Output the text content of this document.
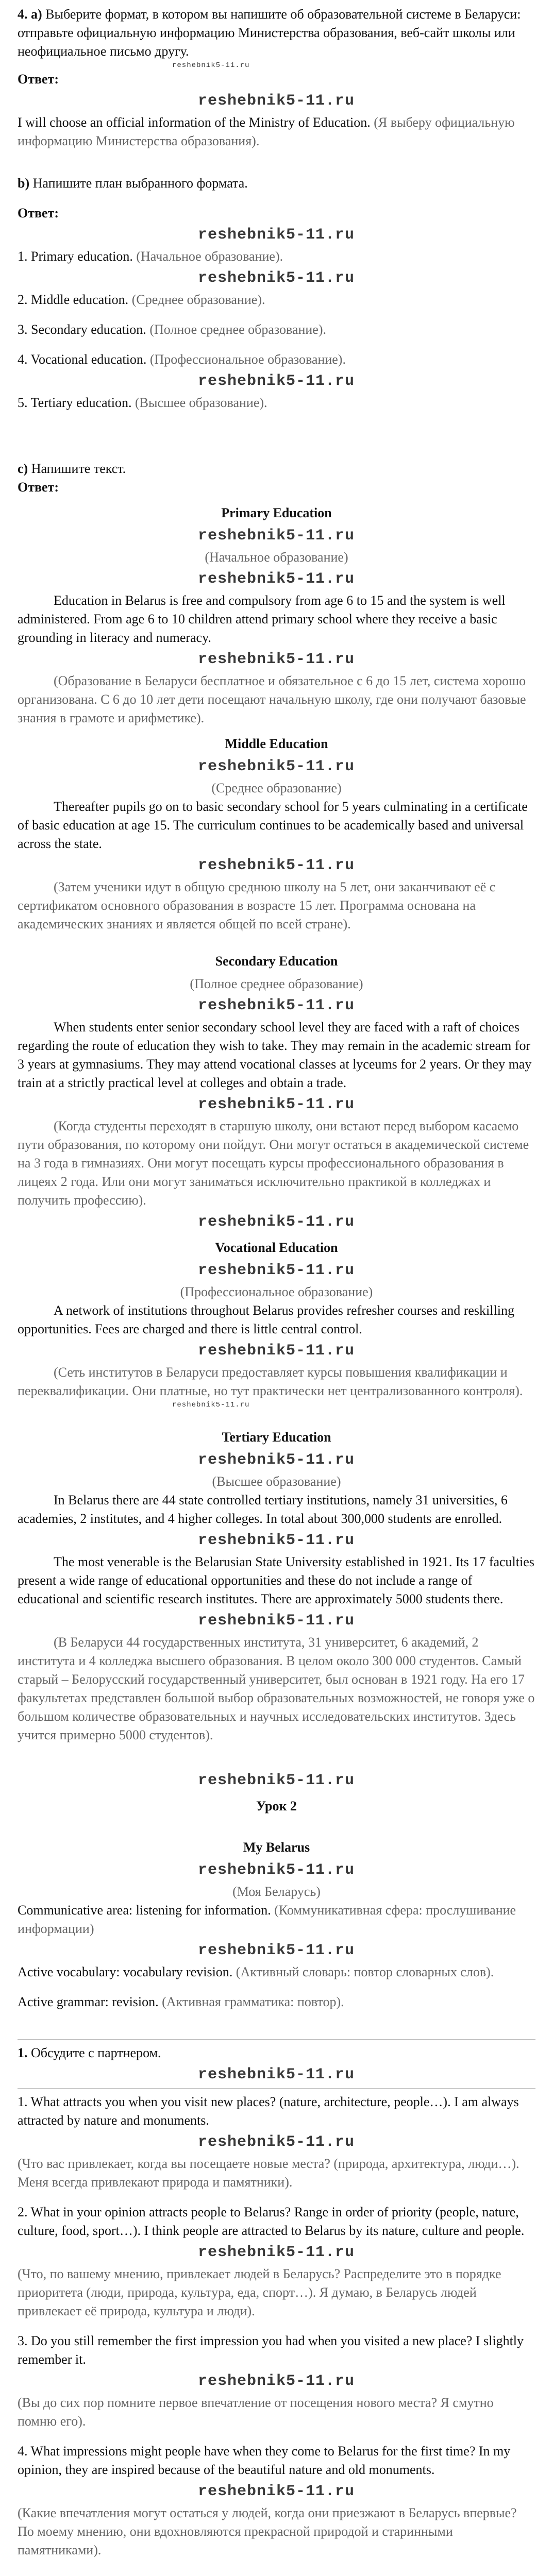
4. a) Выберите формат, в котором вы напишите об образовательной системе в Беларуси: отправьте официальную информацию Министерства образования, веб-сайт школы или неофициальное письмо другу.

reshebnik5-11.ru

Ответ:

reshebnik5-11.ru

I will choose an official information of the Ministry of Education. (Я выберу официальную информацию Министерства образования).

b) Напишите план выбранного формата.

Ответ:

reshebnik5-11.ru

1. Primary education. (Начальное образование).

reshebnik5-11.ru

2. Middle education. (Среднее образование).

3. Secondary education. (Полное среднее образование).

4. Vocational education. (Профессиональное образование).

reshebnik5-11.ru

5. Tertiary education. (Высшее образование).

c) Напишите текст.

Ответ:

Primary Education

reshebnik5-11.ru

(Начальное образование)

reshebnik5-11.ru

Education in Belarus is free and compulsory from age 6 to 15 and the system is well administered. From age 6 to 10 children attend primary school where they receive a basic grounding in literacy and numeracy.

reshebnik5-11.ru

(Образование в Беларуси бесплатное и обязательное с 6 до 15 лет, система хорошо организована. С 6 до 10 лет дети посещают начальную школу, где они получают базовые знания в грамоте и арифметике).

Middle Education

reshebnik5-11.ru

(Среднее образование)

Thereafter pupils go on to basic secondary school for 5 years culminating in a certificate of basic education at age 15. The curriculum continues to be academically based and universal across the state.

reshebnik5-11.ru

(Затем ученики идут в общую среднюю школу на 5 лет, они заканчивают её с сертификатом основного образования в возрасте 15 лет. Программа основана на академических знаниях и является общей по всей стране).

Secondary Education

(Полное среднее образование)

reshebnik5-11.ru

When students enter senior secondary school level they are faced with a raft of choices regarding the route of education they wish to take. They may remain in the academic stream for 3 years at gymnasiums. They may attend vocational classes at lyceums for 2 years. Or they may train at a strictly practical level at colleges and obtain a trade.

reshebnik5-11.ru

(Когда студенты переходят в старшую школу, они встают перед выбором касаемо пути образования, по которому они пойдут. Они могут остаться в академической системе на 3 года в гимназиях. Они могут посещать курсы профессионального образования в лицеях 2 года. Или они могут заниматься исключительно практикой в колледжах и получить профессию).

reshebnik5-11.ru

Vocational Education

reshebnik5-11.ru

(Профессиональное образование)

A network of institutions throughout Belarus provides refresher courses and reskilling opportunities. Fees are charged and there is little central control.

reshebnik5-11.ru

(Сеть институтов в Беларуси предоставляет курсы повышения квалификации и переквалификации. Они платные, но тут практически нет централизованного контроля).

reshebnik5-11.ru

Tertiary Education

reshebnik5-11.ru

(Высшее образование)

In Belarus there are 44 state controlled tertiary institutions, namely 31 universities, 6 academies, 2 institutes, and 4 higher colleges. In total about 300,000 students are enrolled.

reshebnik5-11.ru

The most venerable is the Belarusian State University established in 1921. Its 17 faculties present a wide range of educational opportunities and these do not include a range of educational and scientific research institutes. There are approximately 5000 students there.

reshebnik5-11.ru

(В Беларуси 44 государственных института, 31 университет, 6 академий, 2 института и 4 колледжа высшего образования. В целом около 300 000 студентов. Самый старый – Белорусский государственный университет, был основан в 1921 году. На его 17 факультетах представлен большой выбор образовательных возможностей, не говоря уже о большом количестве образовательных и научных исследовательских институтов. Здесь учится примерно 5000 студентов).

reshebnik5-11.ru

Урок 2

My Belarus

reshebnik5-11.ru

(Моя Беларусь)

Communicative area: listening for information. (Коммуникативная сфера: прослушивание информации)

reshebnik5-11.ru

Active vocabulary: vocabulary revision. (Активный словарь: повтор словарных слов).

Active grammar: revision. (Активная грамматика: повтор).

1. Обсудите с партнером.

reshebnik5-11.ru

1. What attracts you when you visit new places? (nature, architecture, people…). I am always attracted by nature and monuments.

reshebnik5-11.ru

(Что вас привлекает, когда вы посещаете новые места? (природа, архитектура, люди…). Меня всегда привлекают природа и памятники).

2. What in your opinion attracts people to Belarus? Range in order of priority (people, nature, culture, food, sport…). I think people are attracted to Belarus by its nature, culture and people.

reshebnik5-11.ru

(Что, по вашему мнению, привлекает людей в Беларусь? Распределите это в порядке приоритета (люди, природа, культура, еда, спорт…). Я думаю, в Беларусь людей привлекает её природа, культура и люди).

3. Do you still remember the first impression you had when you visited a new place? I slightly remember it.

reshebnik5-11.ru

(Вы до сих пор помните первое впечатление от посещения нового места? Я смутно помню его).

4. What impressions might people have when they come to Belarus for the first time? In my opinion, they are inspired because of the beautiful nature and old monuments.

reshebnik5-11.ru

(Какие впечатления могут остаться у людей, когда они приезжают в Беларусь впервые? По моему мнению, они вдохновляются прекрасной природой и старинными памятниками).
